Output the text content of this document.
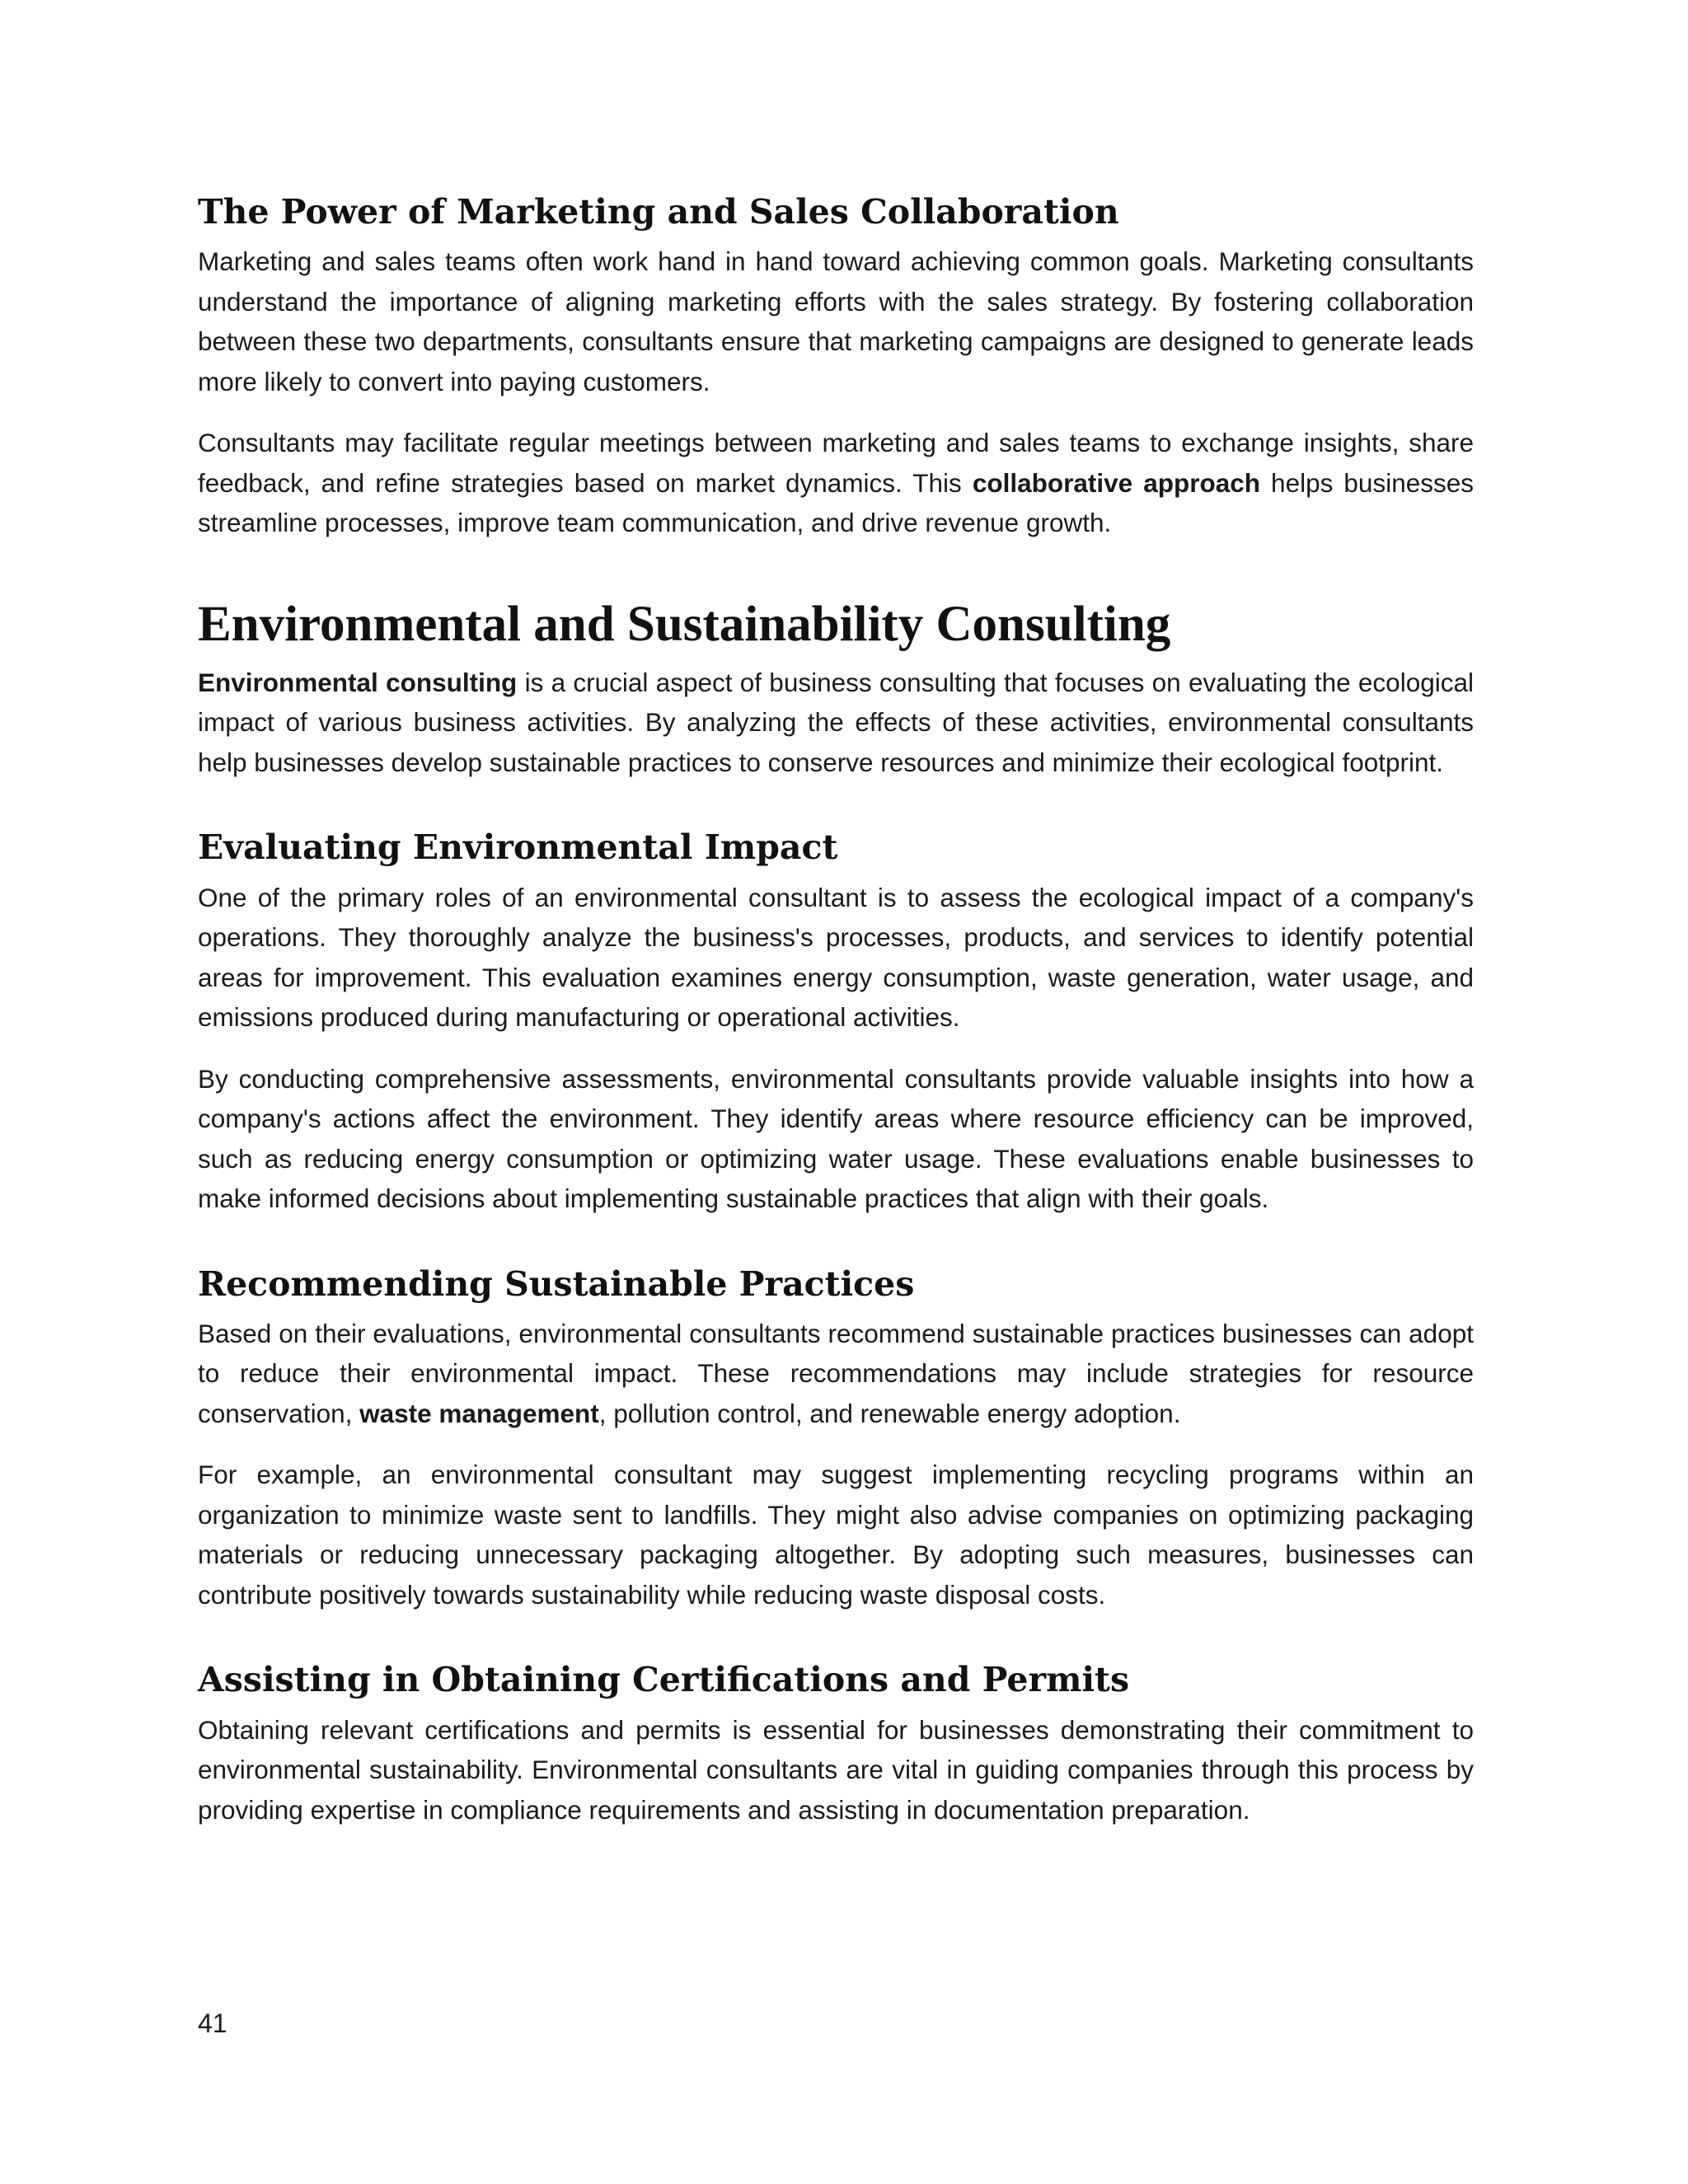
The Power of Marketing and Sales Collaboration

Marketing and sales teams often work hand in hand toward achieving common goals. Marketing consultants understand the importance of aligning marketing efforts with the sales strategy. By fostering collaboration between these two departments, consultants ensure that marketing campaigns are designed to generate leads more likely to convert into paying customers.

Consultants may facilitate regular meetings between marketing and sales teams to exchange insights, share feedback, and refine strategies based on market dynamics. This collaborative approach helps businesses streamline processes, improve team communication, and drive revenue growth.

Environmental and Sustainability Consulting

Environmental consulting is a crucial aspect of business consulting that focuses on evaluating the ecological impact of various business activities. By analyzing the effects of these activities, environmental consultants help businesses develop sustainable practices to conserve resources and minimize their ecological footprint.

Evaluating Environmental Impact

One of the primary roles of an environmental consultant is to assess the ecological impact of a company's operations. They thoroughly analyze the business's processes, products, and services to identify potential areas for improvement. This evaluation examines energy consumption, waste generation, water usage, and emissions produced during manufacturing or operational activities.

By conducting comprehensive assessments, environmental consultants provide valuable insights into how a company's actions affect the environment. They identify areas where resource efficiency can be improved, such as reducing energy consumption or optimizing water usage. These evaluations enable businesses to make informed decisions about implementing sustainable practices that align with their goals.

Recommending Sustainable Practices

Based on their evaluations, environmental consultants recommend sustainable practices businesses can adopt to reduce their environmental impact. These recommendations may include strategies for resource conservation, waste management, pollution control, and renewable energy adoption.

For example, an environmental consultant may suggest implementing recycling programs within an organization to minimize waste sent to landfills. They might also advise companies on optimizing packaging materials or reducing unnecessary packaging altogether. By adopting such measures, businesses can contribute positively towards sustainability while reducing waste disposal costs.

Assisting in Obtaining Certifications and Permits

Obtaining relevant certifications and permits is essential for businesses demonstrating their commitment to environmental sustainability. Environmental consultants are vital in guiding companies through this process by providing expertise in compliance requirements and assisting in documentation preparation.

41
